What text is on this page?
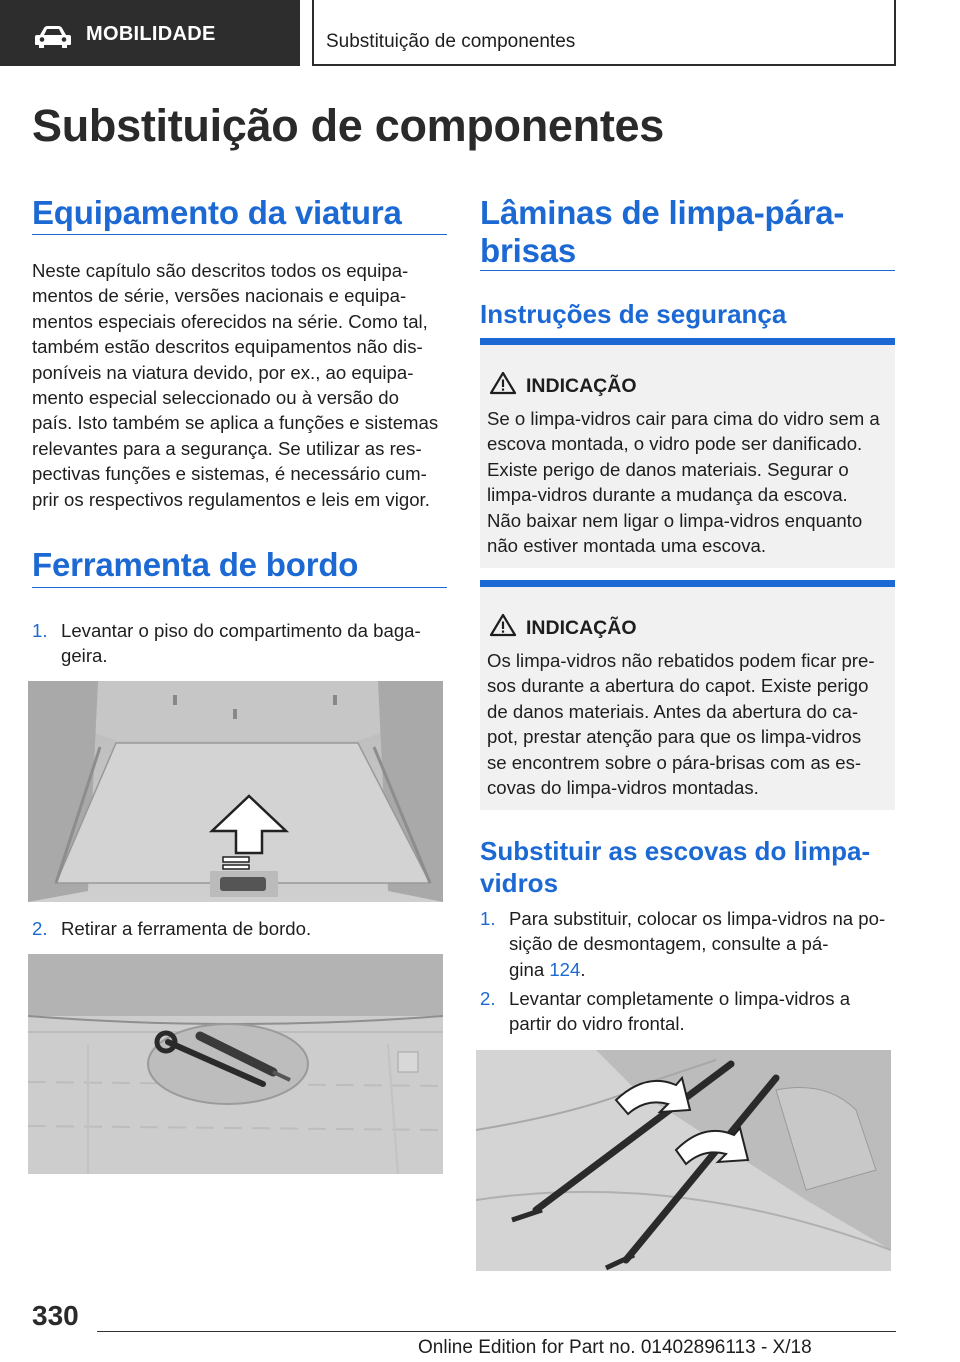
MOBILIDADE	Substituição de componentes
Substituição de componentes
Equipamento da viatura
Neste capítulo são descritos todos os equipa‐
mentos de série, versões nacionais e equipa‐
mentos especiais oferecidos na série. Como tal,
também estão descritos equipamentos não dis‐
poníveis na viatura devido, por ex., ao equipa‐
mento especial seleccionado ou à versão do
país. Isto também se aplica a funções e sistemas
relevantes para a segurança. Se utilizar as res‐
pectivas funções e sistemas, é necessário cum‐
prir os respectivos regulamentos e leis em vigor.
Ferramenta de bordo
1. Levantar o piso do compartimento da baga‐
geira.
2. Retirar a ferramenta de bordo.
Lâminas de limpa-pára-
brisas
Instruções de segurança
INDICAÇÃO
Se o limpa-vidros cair para cima do vidro sem a
escova montada, o vidro pode ser danificado.
Existe perigo de danos materiais. Segurar o
limpa-vidros durante a mudança da escova.
Não baixar nem ligar o limpa-vidros enquanto
não estiver montada uma escova.
INDICAÇÃO
Os limpa-vidros não rebatidos podem ficar pre‐
sos durante a abertura do capot. Existe perigo
de danos materiais. Antes da abertura do ca‐
pot, prestar atenção para que os limpa-vidros
se encontrem sobre o pára-brisas com as es‐
covas do limpa-vidros montadas.
Substituir as escovas do limpa-
vidros
1. Para substituir, colocar os limpa-vidros na po‐
sição de desmontagem, consulte a pá‐
gina 124.
2. Levantar completamente o limpa-vidros a
partir do vidro frontal.
330
Online Edition for Part no. 01402896113 - X/18
